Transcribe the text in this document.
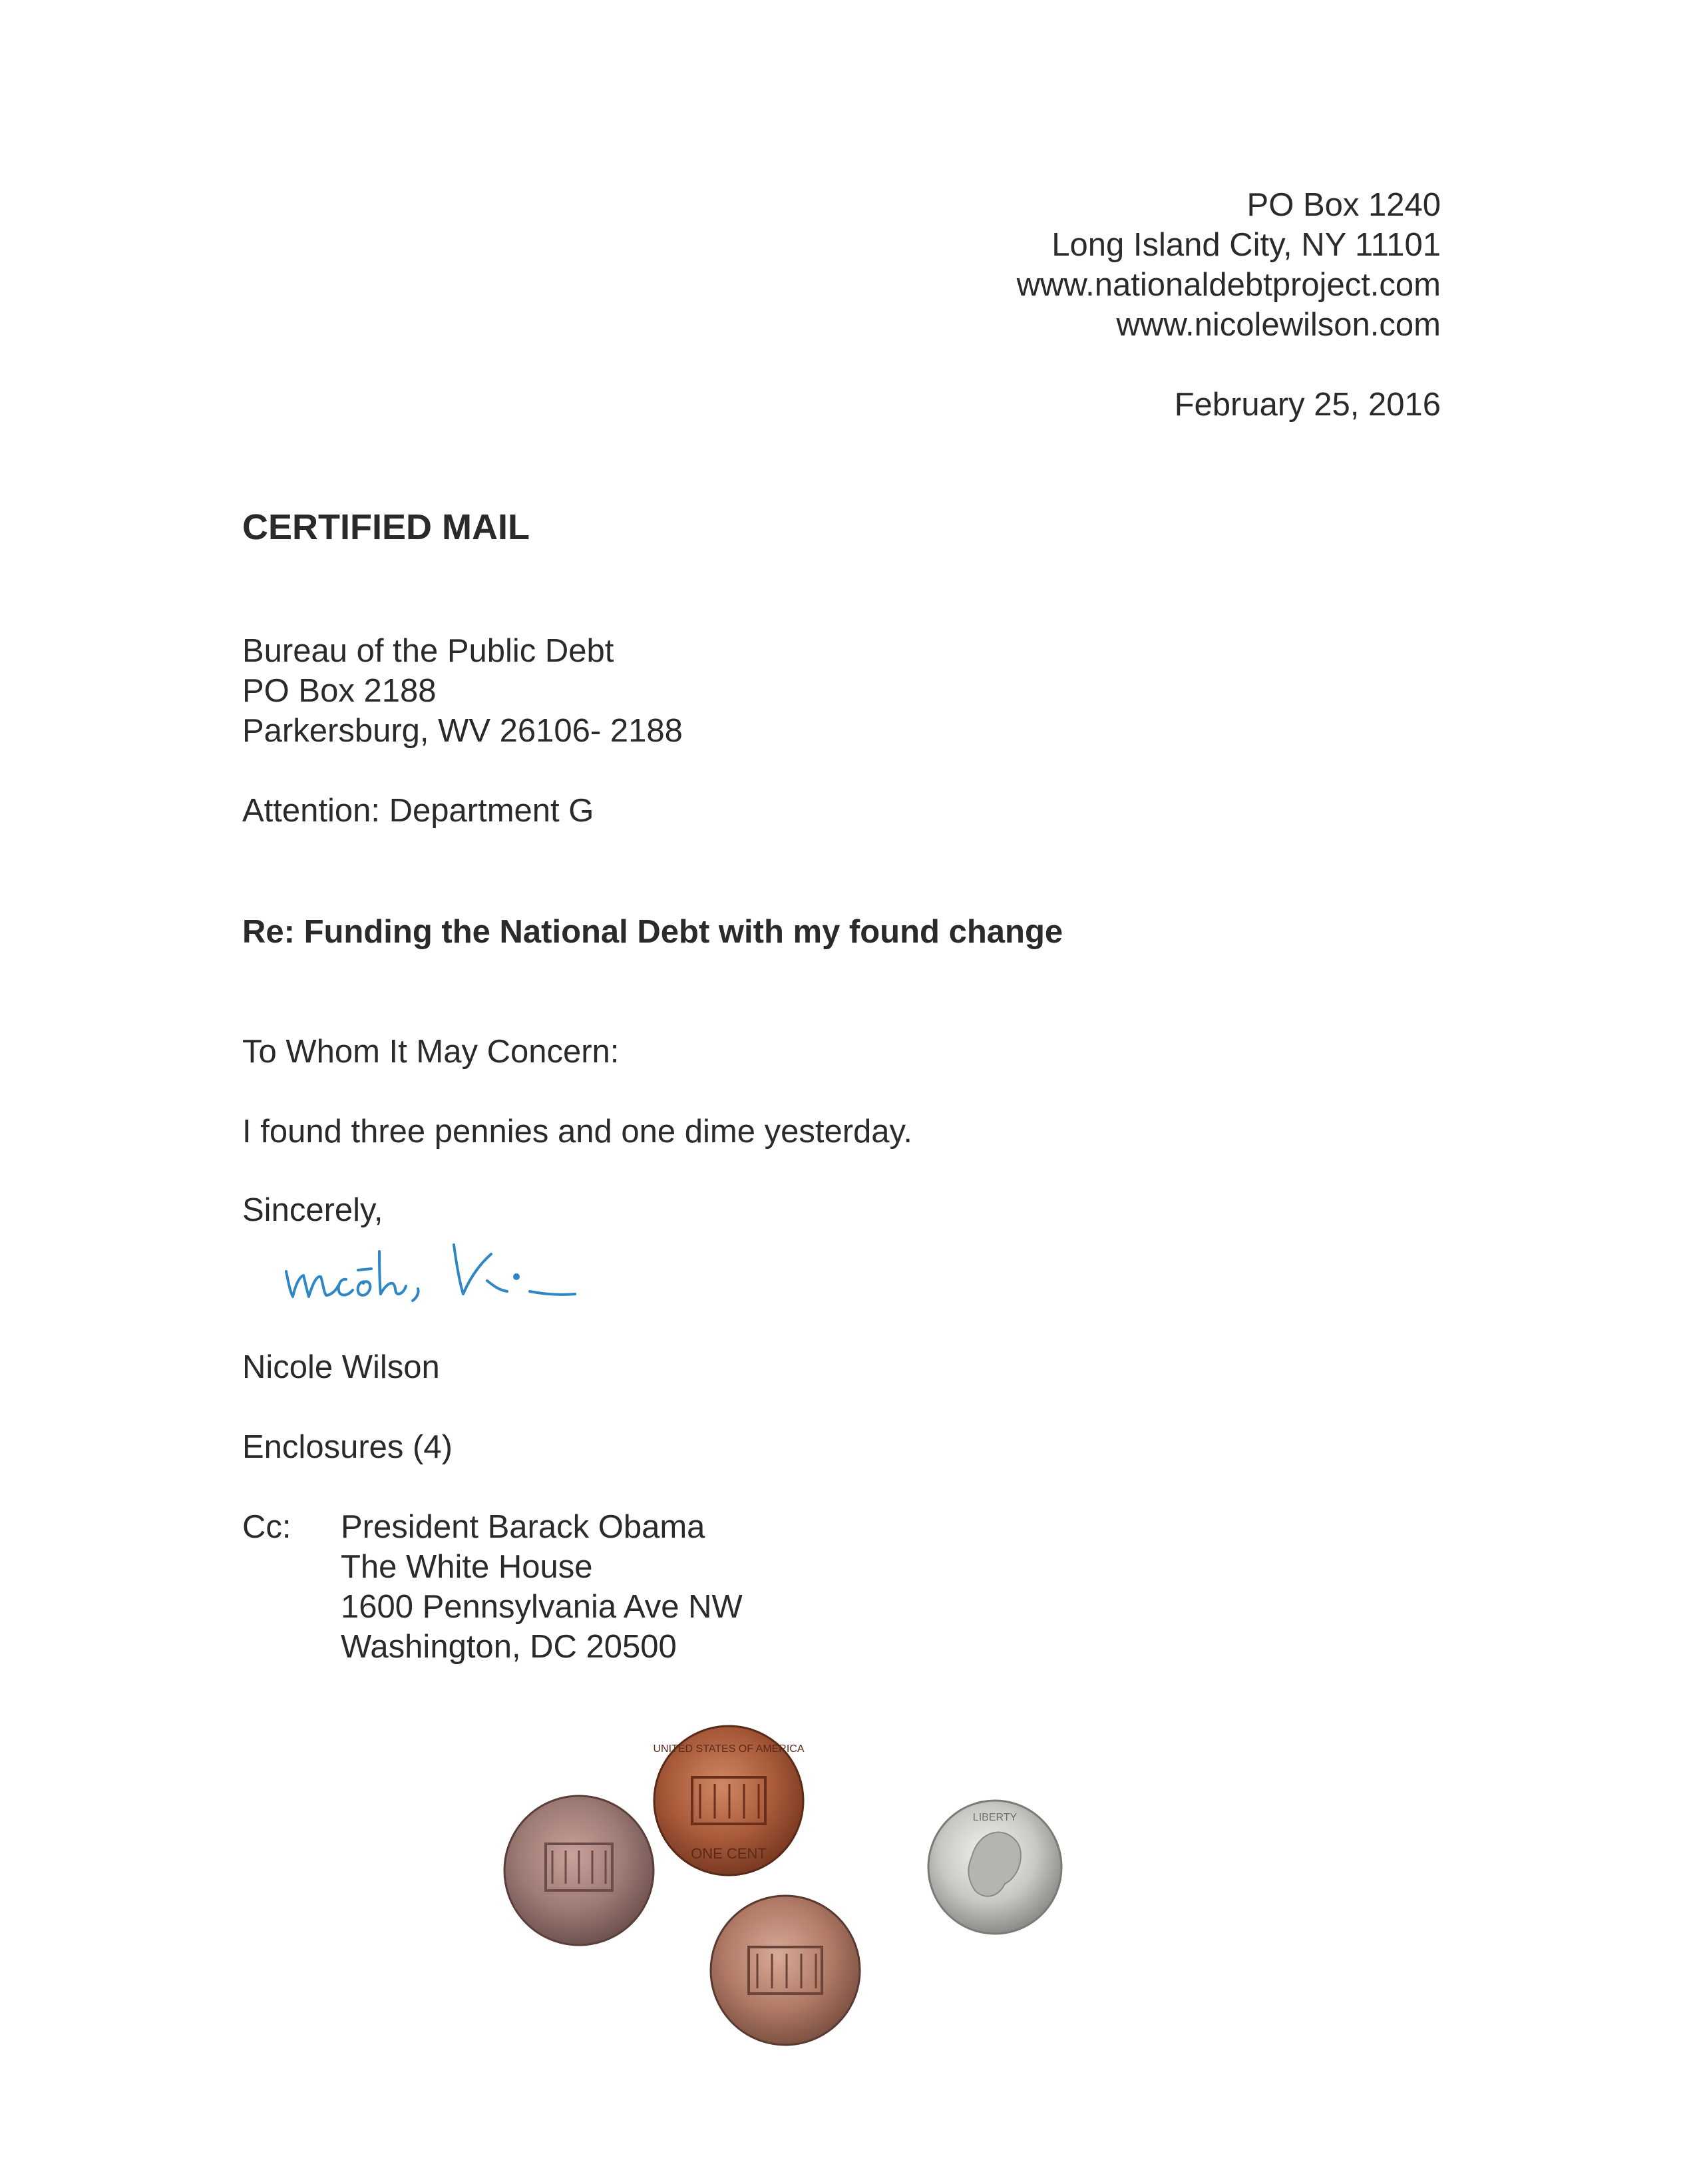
PO Box 1240
Long Island City, NY 11101
www.nationaldebtproject.com
www.nicolewilson.com
February 25, 2016
CERTIFIED MAIL
Bureau of the Public Debt
PO Box 2188
Parkersburg, WV 26106- 2188
Attention: Department G
Re: Funding the National Debt with my found change
To Whom It May Concern:
I found three pennies and one dime yesterday.
Sincerely,
Nicole Wilson
Enclosures (4)
Cc: President Barack Obama
The White House
1600 Pennsylvania Ave NW
Washington, DC 20500
UNITED STATES OF AMERICA
ONE CENT
LIBERTY
